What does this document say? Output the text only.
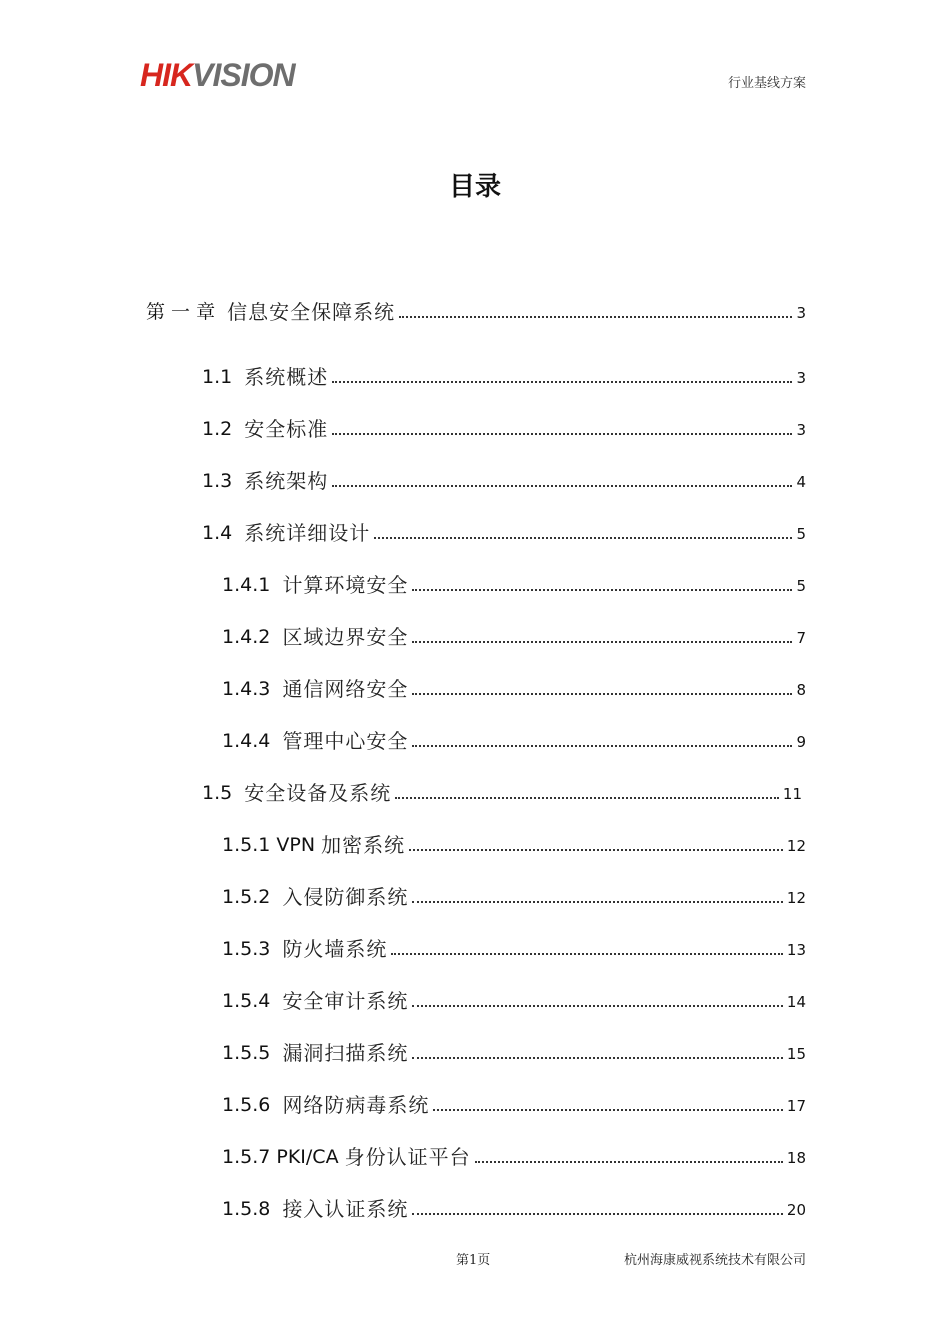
HIK VISION	行业基线方案
目录
第 一 章 信息安全保障系统	3
1.1 系统概述	3
1.2 安全标准	3
1.3 系统架构	4
1.4 系统详细设计	5
1.4.1 计算环境安全	5
1.4.2 区域边界安全	7
1.4.3 通信网络安全	8
1.4.4 管理中心安全	9
1.5 安全设备及系统	11
1.5.1 VPN 加密系统	12
1.5.2 入侵防御系统	12
1.5.3 防火墙系统	13
1.5.4 安全审计系统	14
1.5.5 漏洞扫描系统	15
1.5.6 网络防病毒系统	17
1.5.7 PKI/CA 身份认证平台	18
1.5.8 接入认证系统	20
第1页	杭州海康威视系统技术有限公司
